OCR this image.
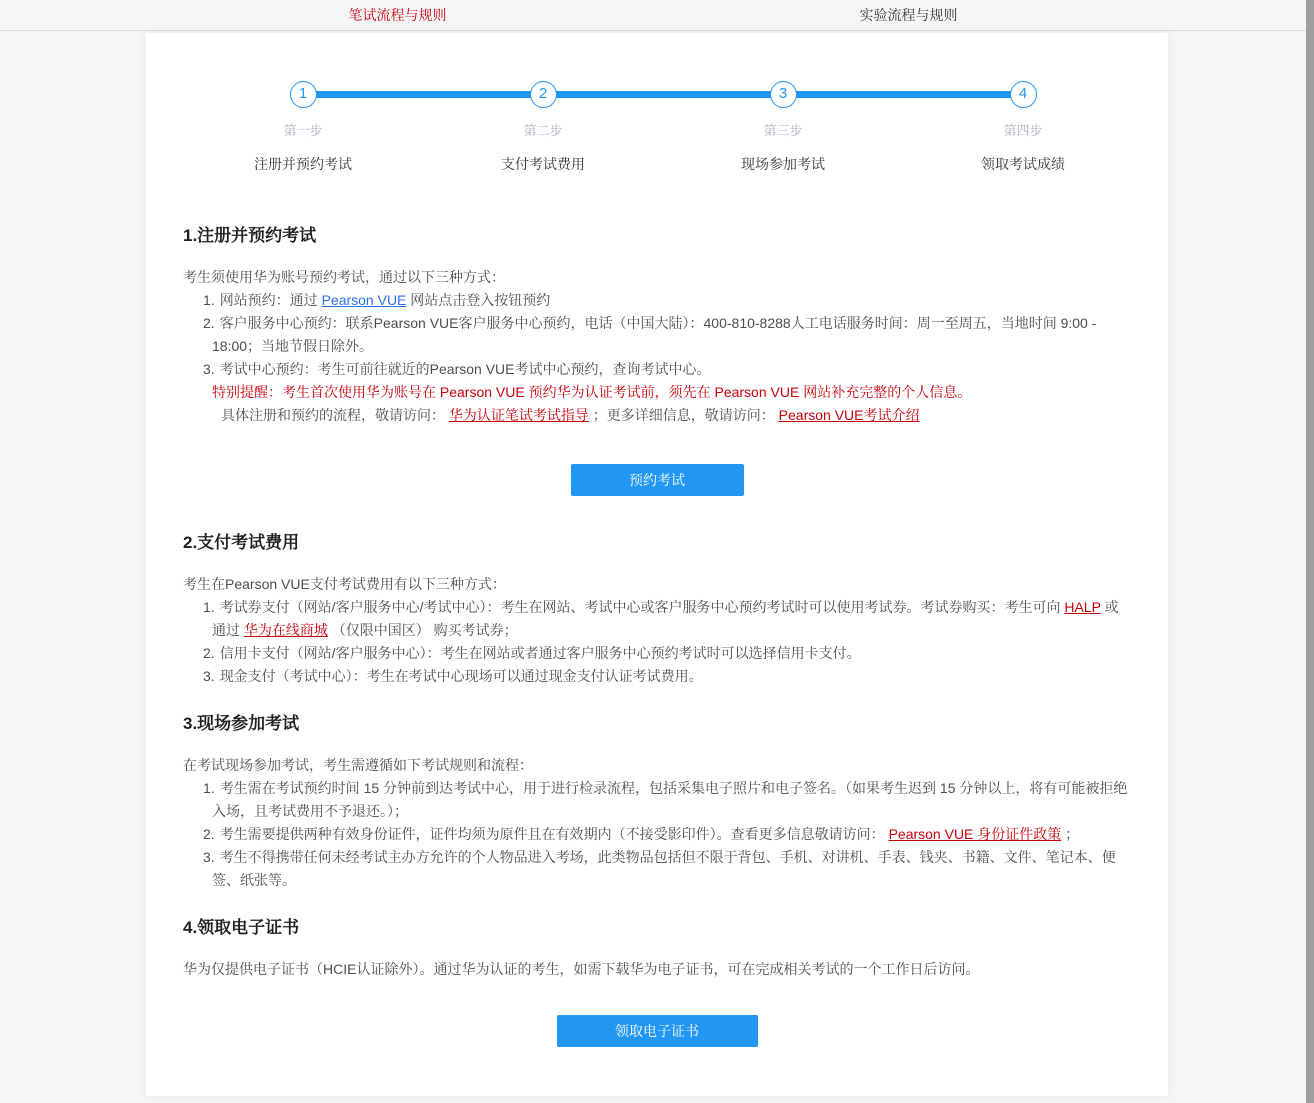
笔试流程与规则	实验流程与规则
1
第一步
注册并预约考试
2
第二步
支付考试费用
3
第三步
现场参加考试
4
第四步
领取考试成绩
1.注册并预约考试

考生须使用华为账号预约考试，通过以下三种方式：

1. 网站预约：通过 Pearson VUE 网站点击登入按钮预约
2. 客户服务中心预约：联系Pearson VUE客户服务中心预约，电话（中国大陆）：400-810-8288人工电话服务时间：周一至周五，当地时间 9:00 - 18:00；当地节假日除外。
3. 考试中心预约：考生可前往就近的Pearson VUE考试中心预约，查询考试中心。

特别提醒：考生首次使用华为账号在 Pearson VUE 预约华为认证考试前，须先在 Pearson VUE 网站补充完整的个人信息。

具体注册和预约的流程，敬请访问： 华为认证笔试考试指导 ；更多详细信息，敬请访问： Pearson VUE考试介绍

预约考试
2.支付考试费用

考生在Pearson VUE支付考试费用有以下三种方式：

1. 考试券支付（网站/客户服务中心/考试中心）：考生在网站、考试中心或客户服务中心预约考试时可以使用考试券。考试券购买：考生可向 HALP 或通过 华为在线商城 （仅限中国区） 购买考试券；
2. 信用卡支付（网站/客户服务中心）：考生在网站或者通过客户服务中心预约考试时可以选择信用卡支付。
3. 现金支付（考试中心）：考生在考试中心现场可以通过现金支付认证考试费用。
3.现场参加考试

在考试现场参加考试，考生需遵循如下考试规则和流程：

1. 考生需在考试预约时间 15 分钟前到达考试中心，用于进行检录流程，包括采集电子照片和电子签名。（如果考生迟到 15 分钟以上，将有可能被拒绝入场，且考试费用不予退还。）；
2. 考生需要提供两种有效身份证件，证件均须为原件且在有效期内（不接受影印件）。查看更多信息敬请访问： Pearson VUE 身份证件政策 ；
3. 考生不得携带任何未经考试主办方允许的个人物品进入考场，此类物品包括但不限于背包、手机、对讲机、手表、钱夹、书籍、文件、笔记本、便签、纸张等。
4.领取电子证书

华为仅提供电子证书（HCIE认证除外）。通过华为认证的考生，如需下载华为电子证书，可在完成相关考试的一个工作日后访问。

领取电子证书
